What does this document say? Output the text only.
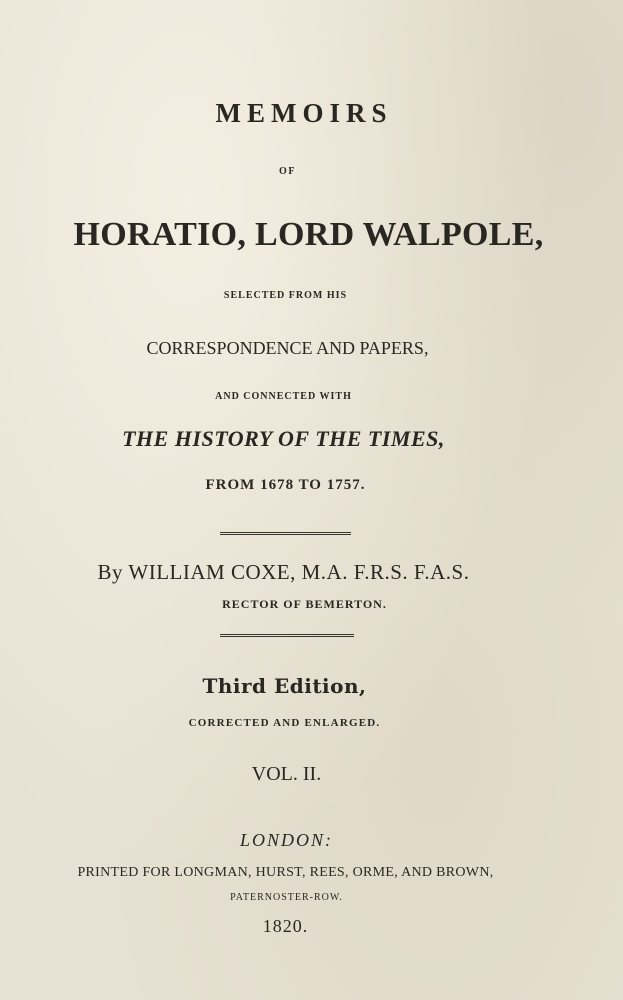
MEMOIRS
OF
HORATIO, LORD WALPOLE,
SELECTED FROM HIS
CORRESPONDENCE AND PAPERS,
AND CONNECTED WITH
THE HISTORY OF THE TIMES,
FROM 1678 TO 1757.
By WILLIAM COXE, M.A. F.R.S. F.A.S.
RECTOR OF BEMERTON.
Third Edition,
CORRECTED AND ENLARGED.
VOL. II.
LONDON:
PRINTED FOR LONGMAN, HURST, REES, ORME, AND BROWN,
PATERNOSTER-ROW.
1820.
